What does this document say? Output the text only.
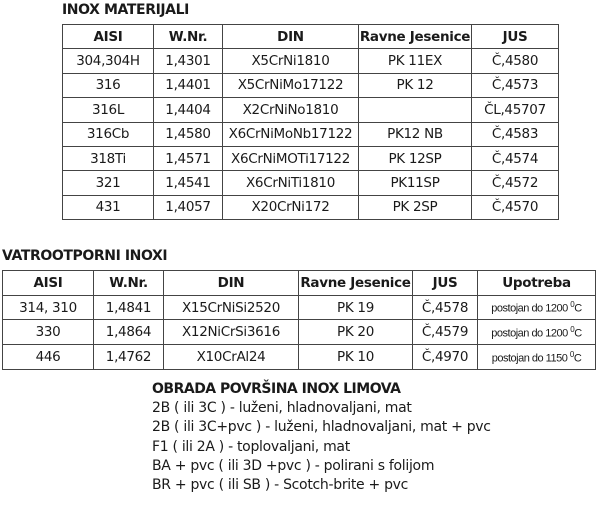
INOX MATERIJALI
AISI	W.Nr.	DIN	Ravne Jesenice	JUS
304,304H	1,4301	X5CrNi1810	PK 11EX	Č,4580
316	1,4401	X5CrNiMo17122	PK 12	Č,4573
316L	1,4404	X2CrNiNo1810		ČL,45707
316Cb	1,4580	X6CrNiMoNb17122	PK12 NB	Č,4583
318Ti	1,4571	X6CrNiMOTi17122	PK 12SP	Č,4574
321	1,4541	X6CrNiTi1810	PK11SP	Č,4572
431	1,4057	X20CrNi172	PK 2SP	Č,4570
VATROOTPORNI INOXI
AISI	W.Nr.	DIN	Ravne Jesenice	JUS	Upotreba
314, 310	1,4841	X15CrNiSi2520	PK 19	Č,4578	postojan do 1200 $^0$C
330	1,4864	X12NiCrSi3616	PK 20	Č,4579	postojan do 1200 $^0$C
446	1,4762	X10CrAl24	PK 10	Č,4970	postojan do 1150 $^0$C
OBRADA POVRŠINA INOX LIMOVA
2B ( ili 3C ) - luženi, hladnovaljani, mat
2B ( ili 3C+pvc ) - luženi, hladnovaljani, mat + pvc
F1 ( ili 2A ) - toplovaljani, mat
BA + pvc ( ili 3D +pvc ) - polirani s folijom
BR + pvc ( ili SB ) - Scotch-brite + pvc
